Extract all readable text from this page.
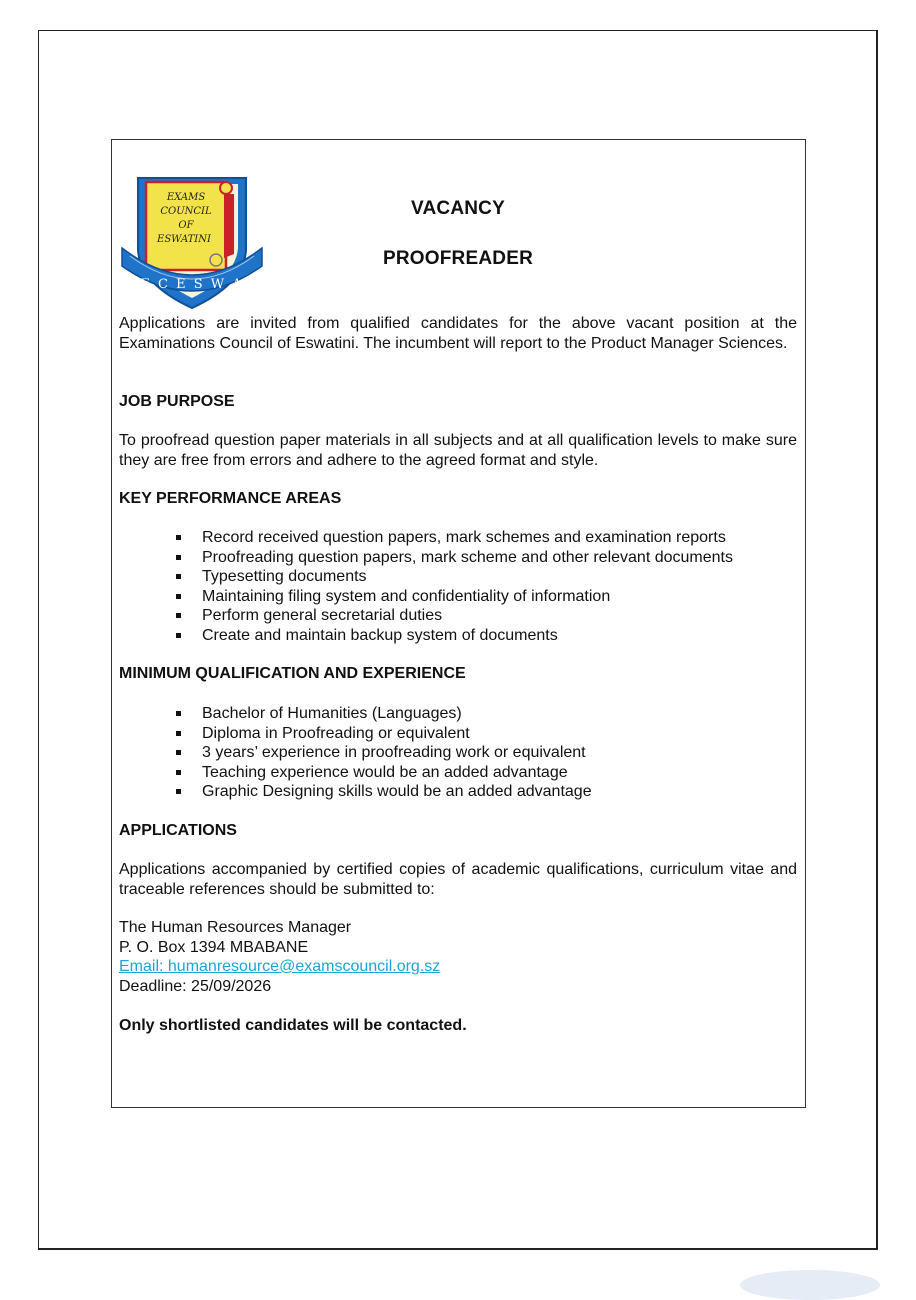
EXAMS
COUNCIL
OF
ESWATINI
E C E S W A
VACANCY
PROOFREADER
Applications are invited from qualified candidates for the above vacant position at the Examinations Council of Eswatini. The incumbent will report to the Product Manager Sciences.
JOB PURPOSE
To proofread question paper materials in all subjects and at all qualification levels to make sure they are free from errors and adhere to the agreed format and style.
KEY PERFORMANCE AREAS
Record received question papers, mark schemes and examination reports
Proofreading question papers, mark scheme and other relevant documents
Typesetting documents
Maintaining filing system and confidentiality of information
Perform general secretarial duties
Create and maintain backup system of documents
MINIMUM QUALIFICATION AND EXPERIENCE
Bachelor of Humanities (Languages)
Diploma in Proofreading or equivalent
3 years’ experience in proofreading work or equivalent
Teaching experience would be an added advantage
Graphic Designing skills would be an added advantage
APPLICATIONS
Applications accompanied by certified copies of academic qualifications, curriculum vitae and traceable references should be submitted to:
The Human Resources Manager
P. O. Box 1394 MBABANE
Email: humanresource@examscouncil.org.sz
Deadline: 25/09/2026
Only shortlisted candidates will be contacted.
